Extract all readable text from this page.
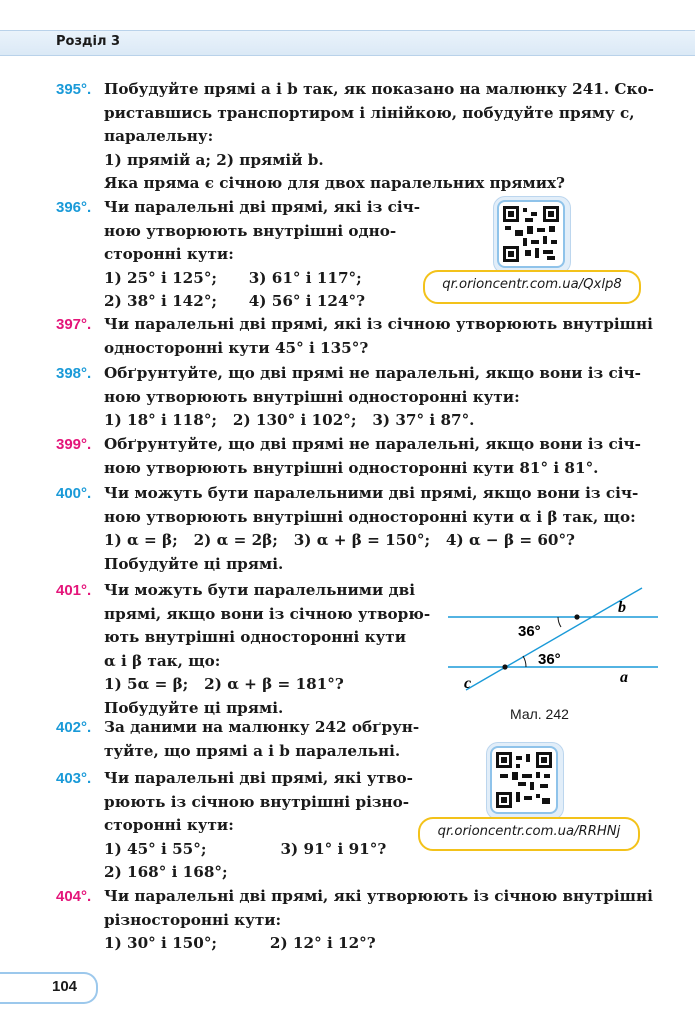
Розділ 3
395°. Побудуйте прямі a і b так, як показано на малюнку 241. Ско-
риставшись транспортиром і лінійкою, побудуйте пряму c,
паралельну:
1) прямій a; 2) прямій b.
Яка пряма є січною для двох паралельних прямих?
396°. Чи паралельні дві прямі, які із січ-
ною утворюють внутрішні одно-
сторонні кути:
1) 25° і 125°;      3) 61° і 117°;
2) 38° і 142°;      4) 56° і 124°?
397°. Чи паралельні дві прямі, які із січною утворюють внутрішні
односторонні кути 45° і 135°?
398°. Обґрунтуйте, що дві прямі не паралельні, якщо вони із січ-
ною утворюють внутрішні односторонні кути:
1) 18° і 118°;   2) 130° і 102°;   3) 37° і 87°.
399°. Обґрунтуйте, що дві прямі не паралельні, якщо вони із січ-
ною утворюють внутрішні односторонні кути 81° і 81°.
400°. Чи можуть бути паралельними дві прямі, якщо вони із січ-
ною утворюють внутрішні односторонні кути α і β так, що:
1) α = β;   2) α = 2β;   3) α + β = 150°;   4) α − β = 60°?
Побудуйте ці прямі.
401°. Чи можуть бути паралельними дві
прямі, якщо вони із січною утворю-
ють внутрішні односторонні кути
α і β так, що:
1) 5α = β;   2) α + β = 181°?
Побудуйте ці прямі.
402°. За даними на малюнку 242 обґрун-
туйте, що прямі a і b паралельні.
403°. Чи паралельні дві прямі, які утво-
рюють із січною внутрішні різно-
сторонні кути:
1) 45° і 55°;              3) 91° і 91°?
2) 168° і 168°;
404°. Чи паралельні дві прямі, які утворюють із січною внутрішні
різносторонні кути:
1) 30° і 150°;          2) 12° і 12°?
qr.orioncentr.com.ua/Qxlp8
qr.orioncentr.com.ua/RRHNj
36°
36°
b
a
c
Мал. 242
104
